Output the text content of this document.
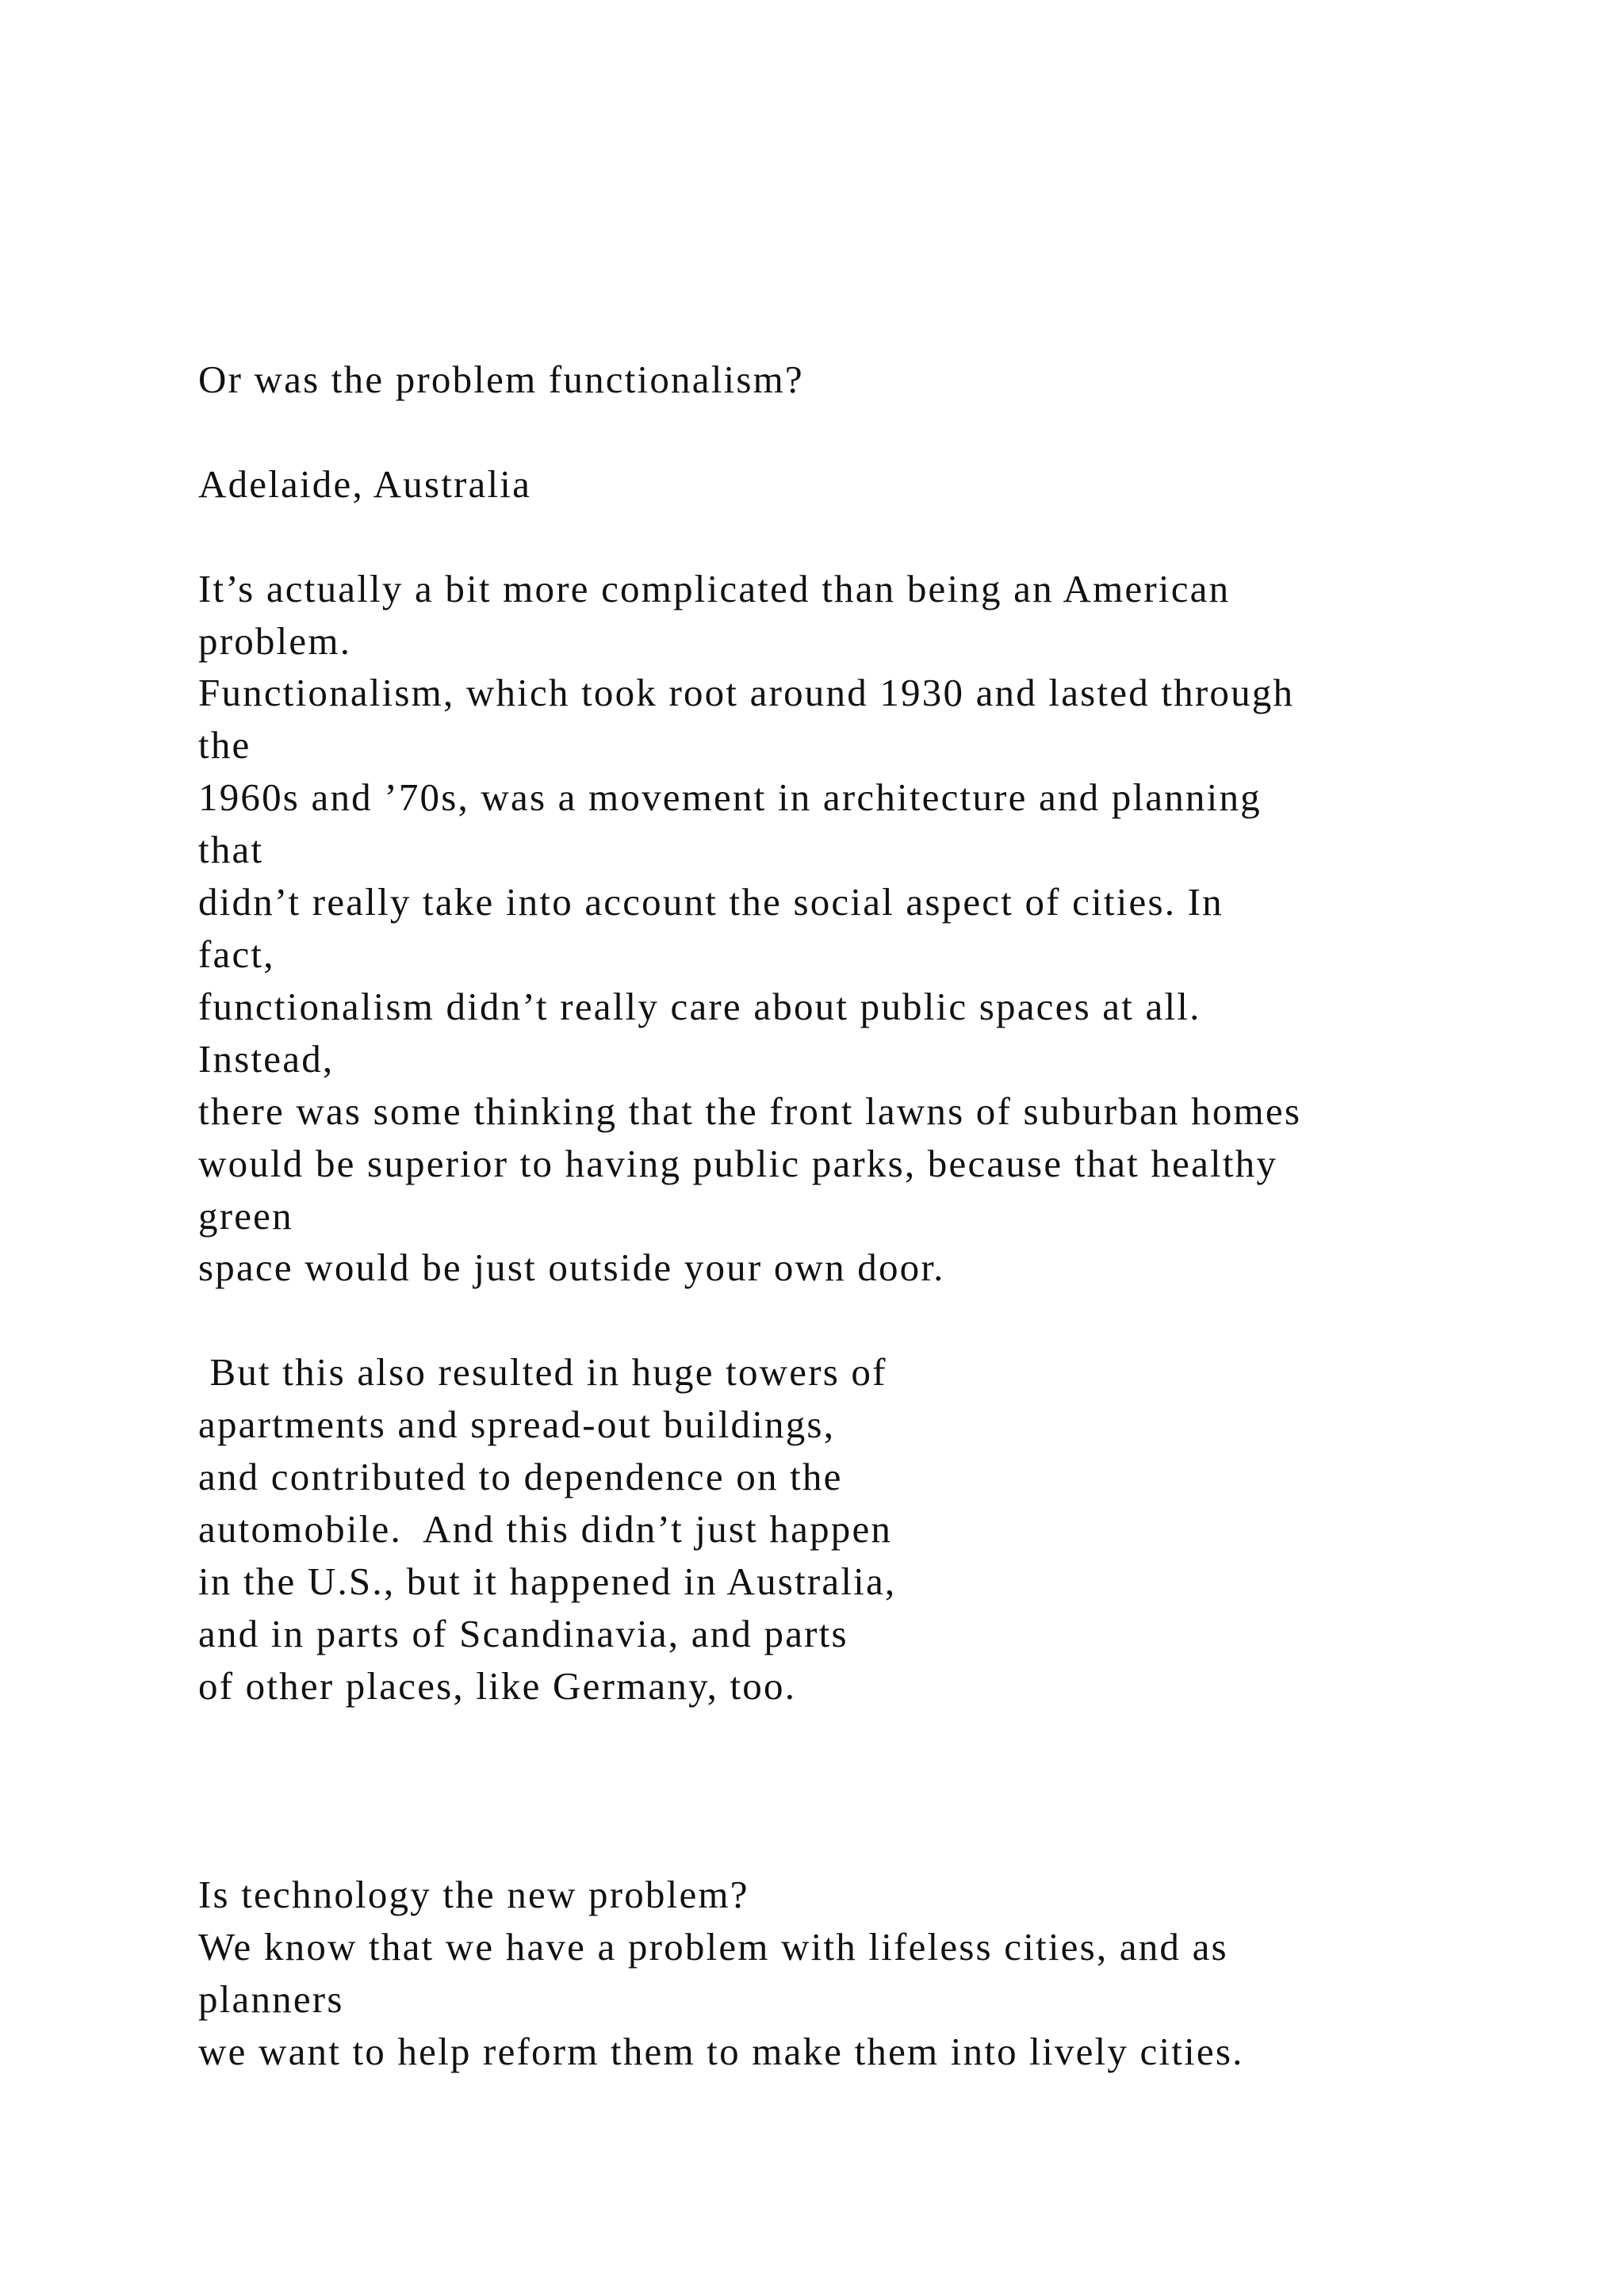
Or was the problem functionalism?

Adelaide, Australia

It’s actually a bit more complicated than being an American
problem.
Functionalism, which took root around 1930 and lasted through
the
1960s and ’70s, was a movement in architecture and planning
that
didn’t really take into account the social aspect of cities. In
fact,
functionalism didn’t really care about public spaces at all.
Instead,
there was some thinking that the front lawns of suburban homes
would be superior to having public parks, because that healthy
green
space would be just outside your own door.

But this also resulted in huge towers of
apartments and spread-out buildings,
and contributed to dependence on the
automobile.  And this didn’t just happen
in the U.S., but it happened in Australia,
and in parts of Scandinavia, and parts
of other places, like Germany, too.

Is technology the new problem?
We know that we have a problem with lifeless cities, and as
planners
we want to help reform them to make them into lively cities.
